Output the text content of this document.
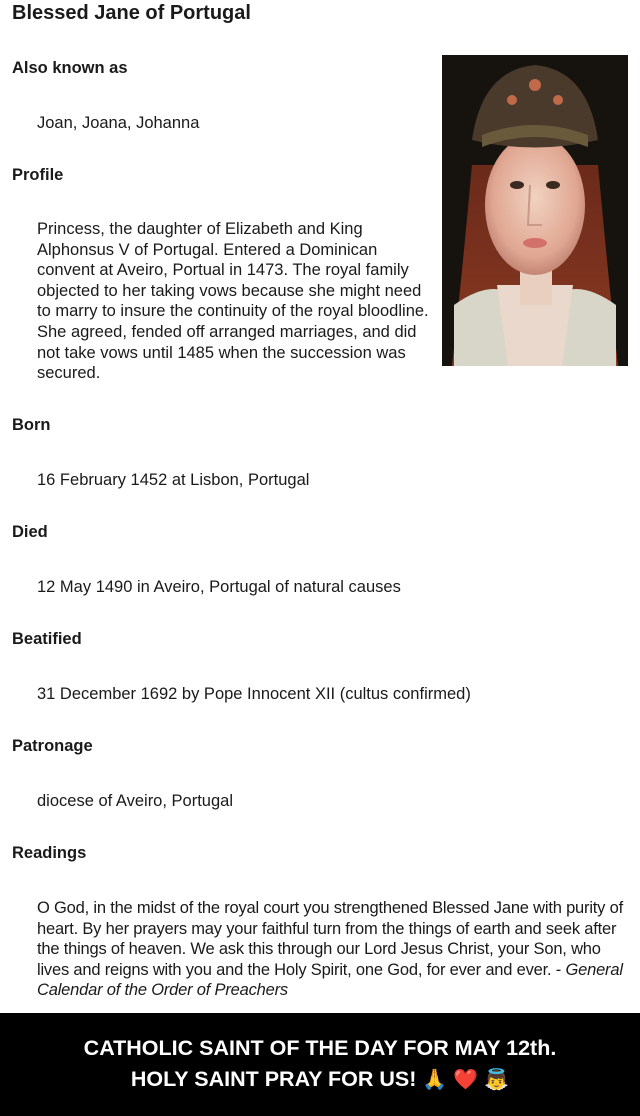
Blessed Jane of Portugal
Also known as
Joan, Joana, Johanna
Profile
Princess, the daughter of Elizabeth and King Alphonsus V of Portugal. Entered a Dominican convent at Aveiro, Portual in 1473. The royal family objected to her taking vows because she might need to marry to insure the continuity of the royal bloodline. She agreed, fended off arranged marriages, and did not take vows until 1485 when the succession was secured.
Born
16 February 1452 at Lisbon, Portugal
Died
12 May 1490 in Aveiro, Portugal of natural causes
Beatified
31 December 1692 by Pope Innocent XII (cultus confirmed)
Patronage
diocese of Aveiro, Portugal
Readings
O God, in the midst of the royal court you strengthened Blessed Jane with purity of heart. By her prayers may your faithful turn from the things of earth and seek after the things of heaven. We ask this through our Lord Jesus Christ, your Son, who lives and reigns with you and the Holy Spirit, one God, for ever and ever. - General Calendar of the Order of Preachers
CATHOLIC SAINT OF THE DAY FOR MAY 12th.
HOLY SAINT PRAY FOR US! 🙏 ❤️ 👼
